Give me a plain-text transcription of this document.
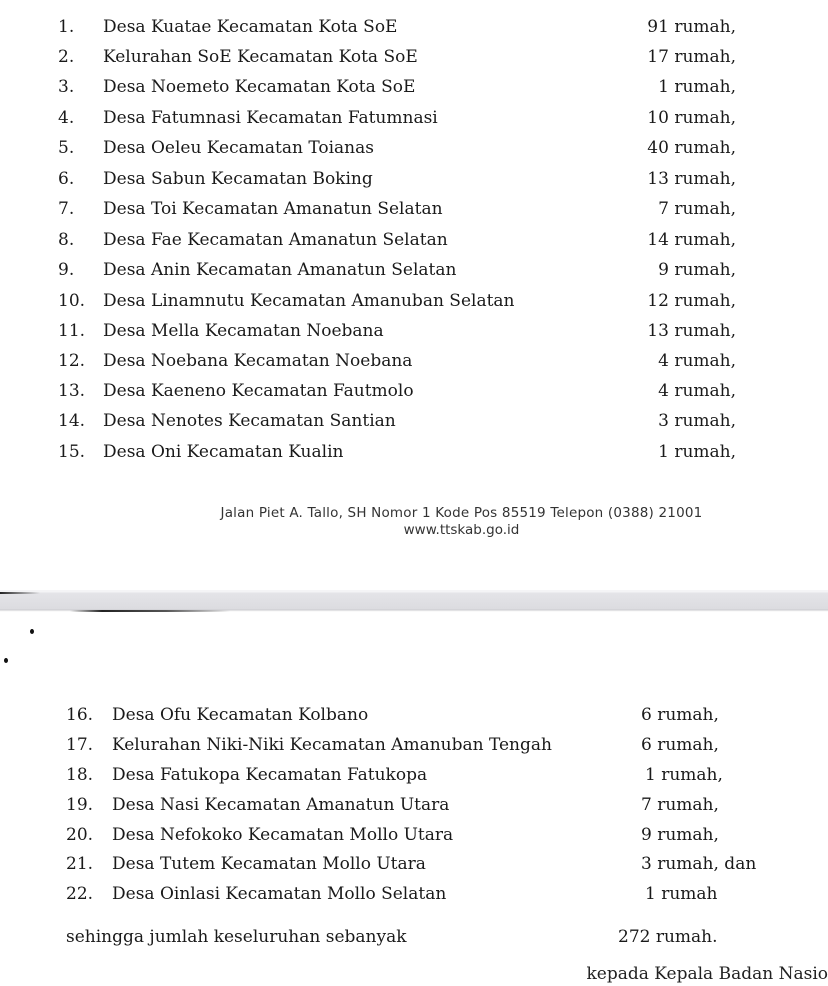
1.	Desa Kuatae Kecamatan Kota SoE	91 rumah,
2.	Kelurahan SoE Kecamatan Kota SoE	17 rumah,
3.	Desa Noemeto Kecamatan Kota SoE	1 rumah,
4.	Desa Fatumnasi Kecamatan Fatumnasi	10 rumah,
5.	Desa Oeleu Kecamatan Toianas	40 rumah,
6.	Desa Sabun Kecamatan Boking	13 rumah,
7.	Desa Toi Kecamatan Amanatun Selatan	7 rumah,
8.	Desa Fae Kecamatan Amanatun Selatan	14 rumah,
9.	Desa Anin Kecamatan Amanatun Selatan	9 rumah,
10.	Desa Linamnutu Kecamatan Amanuban Selatan	12 rumah,
11.	Desa Mella Kecamatan Noebana	13 rumah,
12.	Desa Noebana Kecamatan Noebana	4 rumah,
13.	Desa Kaeneno Kecamatan Fautmolo	4 rumah,
14.	Desa Nenotes Kecamatan Santian	3 rumah,
15.	Desa Oni Kecamatan Kualin	1 rumah,
Jalan Piet A. Tallo, SH Nomor 1 Kode Pos 85519 Telepon (0388) 21001
www.ttskab.go.id
16.	Desa Ofu Kecamatan Kolbano	6 rumah,
17.	Kelurahan Niki-Niki Kecamatan Amanuban Tengah	6 rumah,
18.	Desa Fatukopa Kecamatan Fatukopa	1 rumah,
19.	Desa Nasi Kecamatan Amanatun Utara	7 rumah,
20.	Desa Nefokoko Kecamatan Mollo Utara	9 rumah,
21.	Desa Tutem Kecamatan Mollo Utara	3 rumah, dan
22.	Desa Oinlasi Kecamatan Mollo Selatan	1 rumah
sehingga jumlah keseluruhan sebanyak	272 rumah.
kepada Kepala Badan Nasio
